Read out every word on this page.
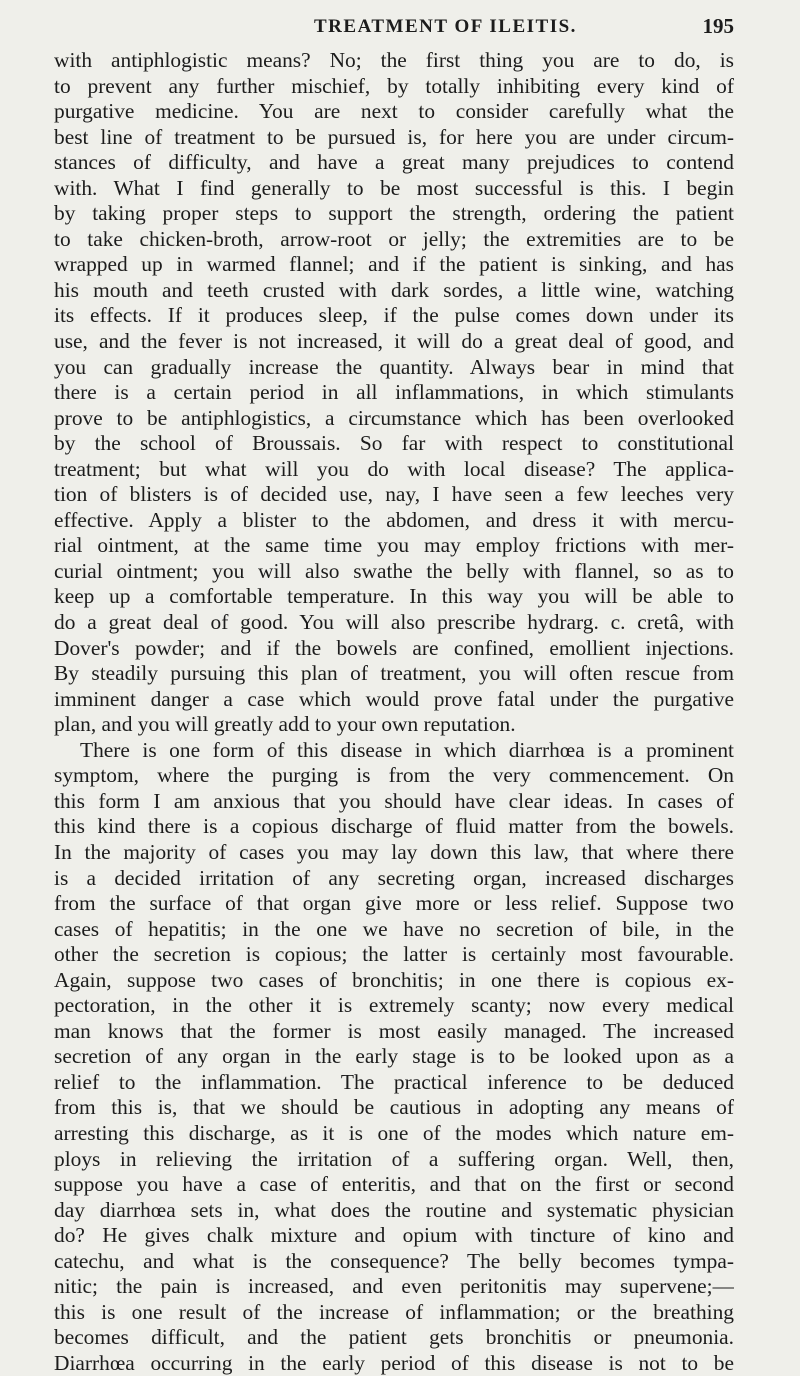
TREATMENT OF ILEITIS.	195
with antiphlogistic means? No; the first thing you are to do, is
to prevent any further mischief, by totally inhibiting every kind of
purgative medicine. You are next to consider carefully what the
best line of treatment to be pursued is, for here you are under circum-
stances of difficulty, and have a great many prejudices to contend
with. What I find generally to be most successful is this. I begin
by taking proper steps to support the strength, ordering the patient
to take chicken-broth, arrow-root or jelly; the extremities are to be
wrapped up in warmed flannel; and if the patient is sinking, and has
his mouth and teeth crusted with dark sordes, a little wine, watching
its effects. If it produces sleep, if the pulse comes down under its
use, and the fever is not increased, it will do a great deal of good, and
you can gradually increase the quantity. Always bear in mind that
there is a certain period in all inflammations, in which stimulants
prove to be antiphlogistics, a circumstance which has been overlooked
by the school of Broussais. So far with respect to constitutional
treatment; but what will you do with local disease? The applica-
tion of blisters is of decided use, nay, I have seen a few leeches very
effective. Apply a blister to the abdomen, and dress it with mercu-
rial ointment, at the same time you may employ frictions with mer-
curial ointment; you will also swathe the belly with flannel, so as to
keep up a comfortable temperature. In this way you will be able to
do a great deal of good. You will also prescribe hydrarg. c. cretâ, with
Dover's powder; and if the bowels are confined, emollient injections.
By steadily pursuing this plan of treatment, you will often rescue from
imminent danger a case which would prove fatal under the purgative
plan, and you will greatly add to your own reputation.
There is one form of this disease in which diarrhœa is a prominent
symptom, where the purging is from the very commencement. On
this form I am anxious that you should have clear ideas. In cases of
this kind there is a copious discharge of fluid matter from the bowels.
In the majority of cases you may lay down this law, that where there
is a decided irritation of any secreting organ, increased discharges
from the surface of that organ give more or less relief. Suppose two
cases of hepatitis; in the one we have no secretion of bile, in the
other the secretion is copious; the latter is certainly most favourable.
Again, suppose two cases of bronchitis; in one there is copious ex-
pectoration, in the other it is extremely scanty; now every medical
man knows that the former is most easily managed. The increased
secretion of any organ in the early stage is to be looked upon as a
relief to the inflammation. The practical inference to be deduced
from this is, that we should be cautious in adopting any means of
arresting this discharge, as it is one of the modes which nature em-
ploys in relieving the irritation of a suffering organ. Well, then,
suppose you have a case of enteritis, and that on the first or second
day diarrhœa sets in, what does the routine and systematic physician
do? He gives chalk mixture and opium with tincture of kino and
catechu, and what is the consequence? The belly becomes tympa-
nitic; the pain is increased, and even peritonitis may supervene;—
this is one result of the increase of inflammation; or the breathing
becomes difficult, and the patient gets bronchitis or pneumonia.
Diarrhœa occurring in the early period of this disease is not to be
